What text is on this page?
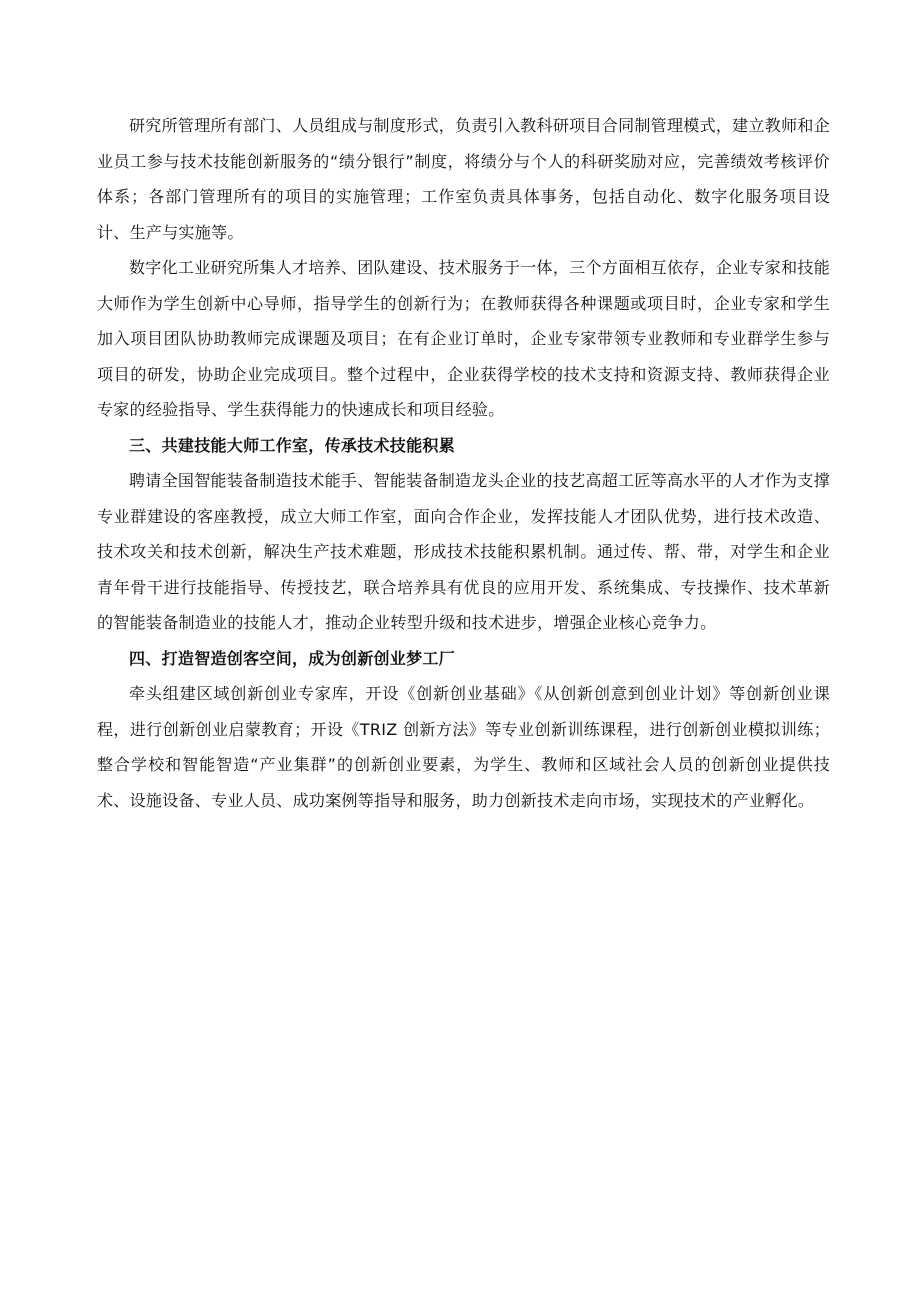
研究所管理所有部门、人员组成与制度形式，负责引入教科研项目合同制管理模式，建立教师和企业员工参与技术技能创新服务的“绩分银行”制度，将绩分与个人的科研奖励对应，完善绩效考核评价体系；各部门管理所有的项目的实施管理；工作室负责具体事务，包括自动化、数字化服务项目设计、生产与实施等。

数字化工业研究所集人才培养、团队建设、技术服务于一体，三个方面相互依存，企业专家和技能大师作为学生创新中心导师，指导学生的创新行为；在教师获得各种课题或项目时，企业专家和学生加入项目团队协助教师完成课题及项目；在有企业订单时，企业专家带领专业教师和专业群学生参与项目的研发，协助企业完成项目。整个过程中，企业获得学校的技术支持和资源支持、教师获得企业专家的经验指导、学生获得能力的快速成长和项目经验。

三、共建技能大师工作室，传承技术技能积累

聘请全国智能装备制造技术能手、智能装备制造龙头企业的技艺高超工匠等高水平的人才作为支撑专业群建设的客座教授，成立大师工作室，面向合作企业，发挥技能人才团队优势，进行技术改造、技术攻关和技术创新，解决生产技术难题，形成技术技能积累机制。通过传、帮、带，对学生和企业青年骨干进行技能指导、传授技艺，联合培养具有优良的应用开发、系统集成、专技操作、技术革新的智能装备制造业的技能人才，推动企业转型升级和技术进步，增强企业核心竞争力。

四、打造智造创客空间，成为创新创业梦工厂

牵头组建区域创新创业专家库，开设《创新创业基础》《从创新创意到创业计划》等创新创业课程，进行创新创业启蒙教育；开设《TRIZ 创新方法》等专业创新训练课程，进行创新创业模拟训练；整合学校和智能智造“产业集群”的创新创业要素，为学生、教师和区域社会人员的创新创业提供技术、设施设备、专业人员、成功案例等指导和服务，助力创新技术走向市场，实现技术的产业孵化。
